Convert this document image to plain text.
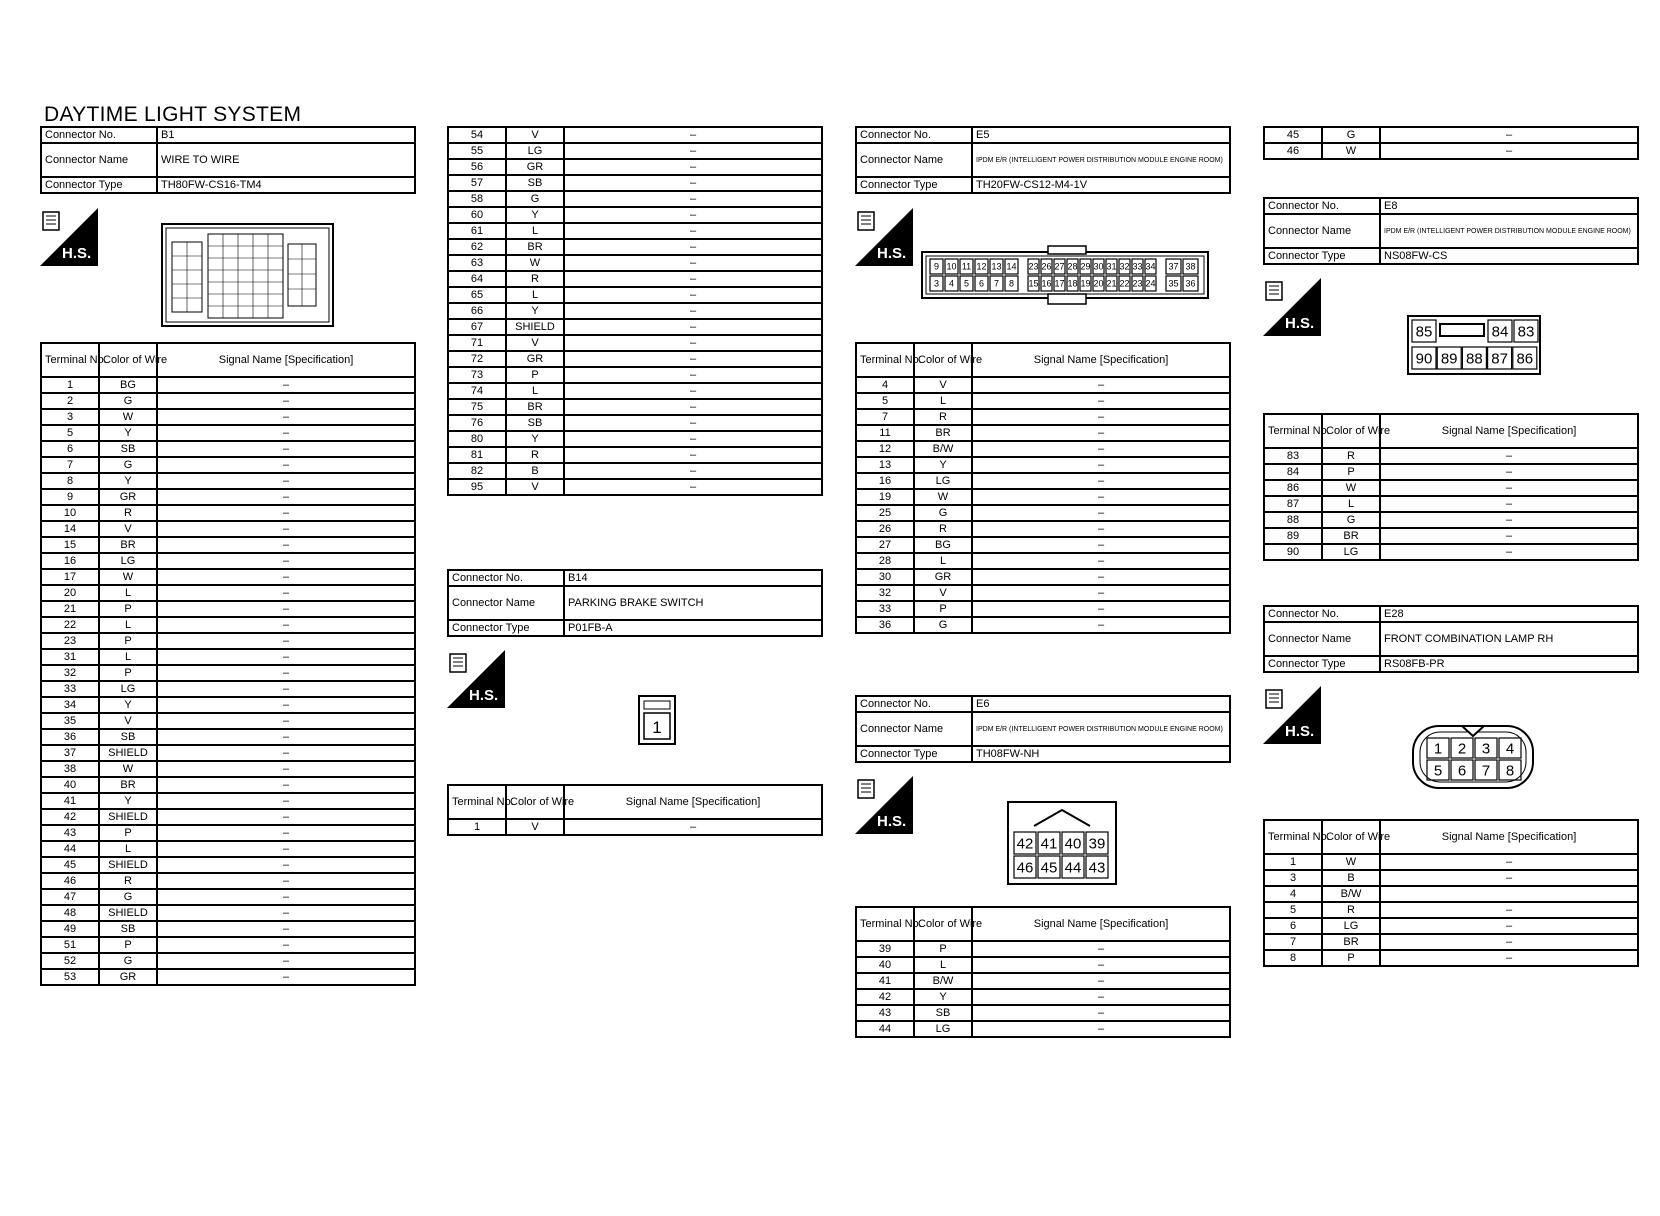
DAYTIME LIGHT SYSTEM
Connector No.	B1
Connector Name	WIRE TO WIRE
Connector Type	TH80FW-CS16-TM4
H.S.
Terminal No.	Color of Wire	Signal Name [Specification]
1	BG	–
2	G	–
3	W	–
5	Y	–
6	SB	–
7	G	–
8	Y	–
9	GR	–
10	R	–
14	V	–
15	BR	–
16	LG	–
17	W	–
20	L	–
21	P	–
22	L	–
23	P	–
31	L	–
32	P	–
33	LG	–
34	Y	–
35	V	–
36	SB	–
37	SHIELD	–
38	W	–
40	BR	–
41	Y	–
42	SHIELD	–
43	P	–
44	L	–
45	SHIELD	–
46	R	–
47	G	–
48	SHIELD	–
49	SB	–
51	P	–
52	G	–
53	GR	–
54	V	–
55	LG	–
56	GR	–
57	SB	–
58	G	–
60	Y	–
61	L	–
62	BR	–
63	W	–
64	R	–
65	L	–
66	Y	–
67	SHIELD	–
71	V	–
72	GR	–
73	P	–
74	L	–
75	BR	–
76	SB	–
80	Y	–
81	R	–
82	B	–
95	V	–
Connector No.	B14
Connector Name	PARKING BRAKE SWITCH
Connector Type	P01FB-A
H.S.
1
Terminal No.	Color of Wire	Signal Name [Specification]
1	V	–
Connector No.	E5
Connector Name	IPDM E/R (INTELLIGENT POWER DISTRIBUTION MODULE ENGINE ROOM)
Connector Type	TH20FW-CS12-M4-1V
H.S.
9
3
10
4
11
5
12
6
13
7
14
8
23
15
26
16
27
17
28
18
29
19
30
20
31
21
32
22
33
23
34
24
37
35
38
36
Terminal No.	Color of Wire	Signal Name [Specification]
4	V	–
5	L	–
7	R	–
11	BR	–
12	B/W	–
13	Y	–
16	LG	–
19	W	–
25	G	–
26	R	–
27	BG	–
28	L	–
30	GR	–
32	V	–
33	P	–
36	G	–
Connector No.	E6
Connector Name	IPDM E/R (INTELLIGENT POWER DISTRIBUTION MODULE ENGINE ROOM)
Connector Type	TH08FW-NH
H.S.
42
46
41
45
40
44
39
43
Terminal No.	Color of Wire	Signal Name [Specification]
39	P	–
40	L	–
41	B/W	–
42	Y	–
43	SB	–
44	LG	–
45	G	–
46	W	–
Connector No.	E8
Connector Name	IPDM E/R (INTELLIGENT POWER DISTRIBUTION MODULE ENGINE ROOM)
Connector Type	NS08FW-CS
H.S.	85	84 83
90 89 88 87 86
Terminal No.	Color of Wire	Signal Name [Specification]
83	R	–
84	P	–
86	W	–
87	L	–
88	G	–
89	BR	–
90	LG	–
Connector No.	E28
Connector Name	FRONT COMBINATION LAMP RH
Connector Type	RS08FB-PR
H.S.
1
5
2
6
3
7
4
8
Terminal No.	Color of Wire	Signal Name [Specification]
1	W	–
3	B	–
4	B/W	
5	R	–
6	LG	–
7	BR	–
8	P	–
